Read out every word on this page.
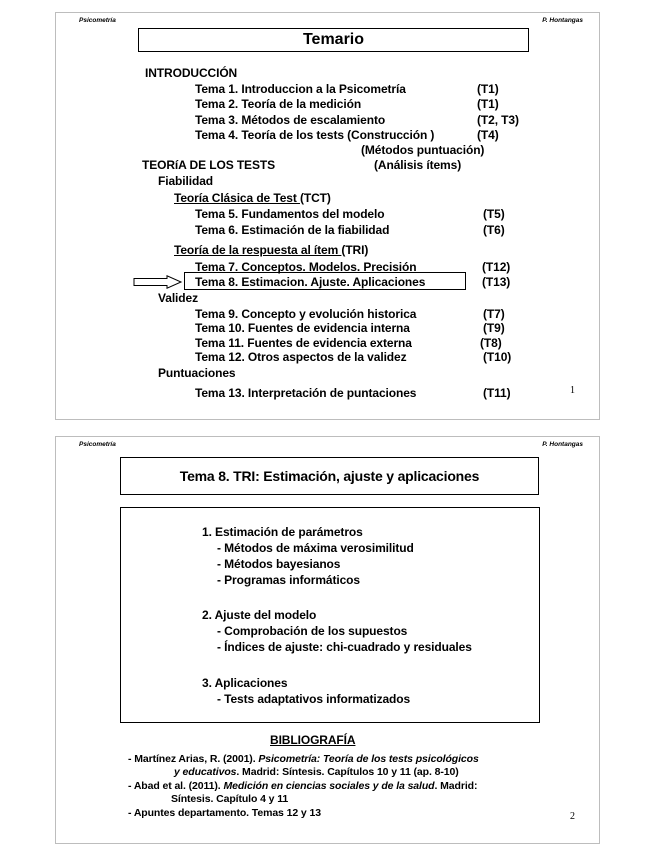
Psicometría	P. Hontangas
Temario
INTRODUCCIÓN
Tema 1. Introduccion a la Psicometría	(T1)
Tema 2. Teoría de la medición	(T1)
Tema 3. Métodos de escalamiento	(T2, T3)
Tema 4. Teoría de los tests (Construcción )	(T4)
(Métodos puntuación)
TEORíA DE LOS TESTS	(Análisis ítems)
Fiabilidad
Teoría Clásica de Test (TCT)
Tema 5. Fundamentos del modelo	(T5)
Tema 6. Estimación de la fiabilidad	(T6)
Teoría de la respuesta al ítem (TRI)
Tema 7. Conceptos. Modelos. Precisión	(T12)
Tema 8. Estimacion. Ajuste. Aplicaciones	(T13)
Validez
Tema 9. Concepto y evolución historica	(T7)
Tema 10. Fuentes de evidencia interna	(T9)
Tema 11. Fuentes de evidencia externa	(T8)
Tema 12. Otros aspectos de la validez	(T10)
Puntuaciones
Tema 13. Interpretación de puntaciones	(T11)	1
Psicometría	P. Hontangas
Tema 8. TRI: Estimación, ajuste y aplicaciones
1. Estimación de parámetros
- Métodos de máxima verosimilitud
- Métodos bayesianos
- Programas informáticos
2. Ajuste del modelo
- Comprobación de los supuestos
- Índices de ajuste: chi-cuadrado y residuales
3. Aplicaciones
- Tests adaptativos informatizados
BIBLIOGRAFÍA
- Martínez Arias, R. (2001). Psicometría: Teoría de los tests psicológicos
y educativos. Madrid: Síntesis. Capítulos 10 y 11 (ap. 8-10)
- Abad et al. (2011). Medición en ciencias sociales y de la salud. Madrid:
Síntesis. Capítulo 4 y 11
- Apuntes departamento. Temas 12 y 13	2
